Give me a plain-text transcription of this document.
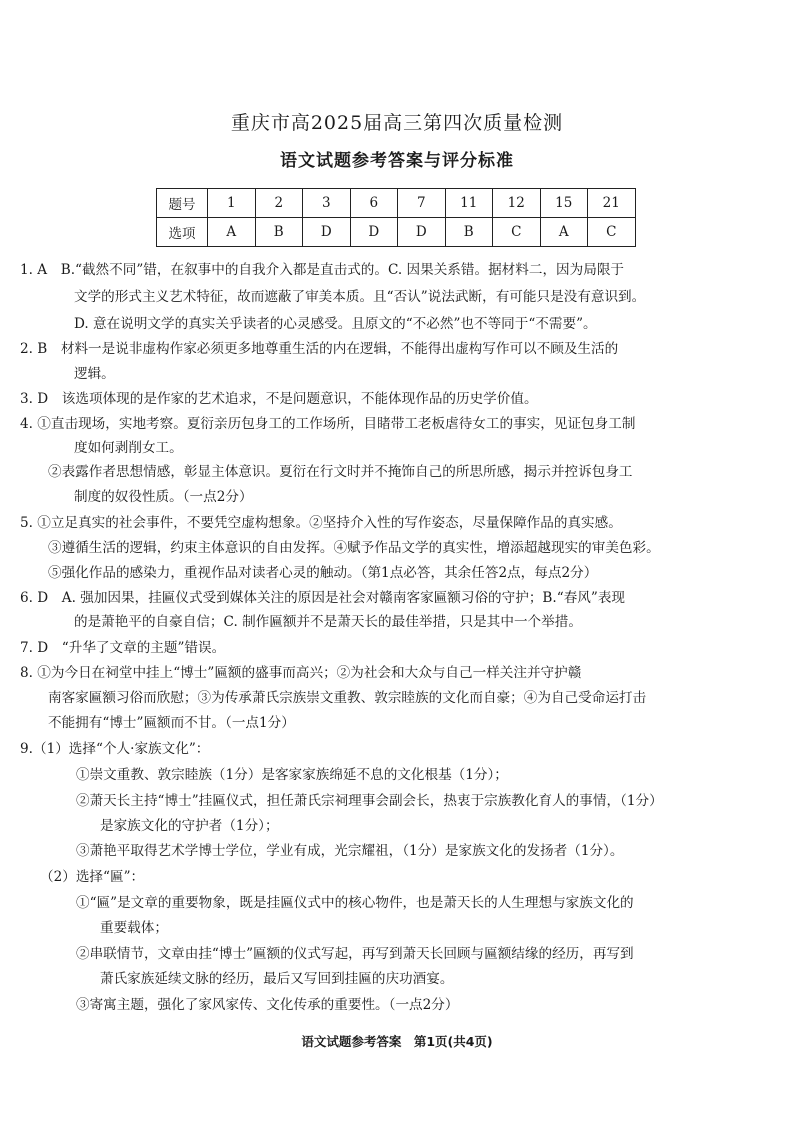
重庆市高2025届高三第四次质量检测
语文试题参考答案与评分标准
题号	1	2	3	6	7	11	12	15	21
选项	A	B	D	D	D	B	C	A	C
1. A　B.“截然不同”错，在叙事中的自我介入都是直击式的。C. 因果关系错。据材料二，因为局限于
文学的形式主义艺术特征，故而遮蔽了审美本质。且“否认”说法武断，有可能只是没有意识到。
D. 意在说明文学的真实关乎读者的心灵感受。且原文的“不必然”也不等同于“不需要”。
2. B　材料一是说非虚构作家必须更多地尊重生活的内在逻辑，不能得出虚构写作可以不顾及生活的
逻辑。
3. D　该选项体现的是作家的艺术追求，不是问题意识，不能体现作品的历史学价值。
4. ①直击现场，实地考察。夏衍亲历包身工的工作场所，目睹带工老板虐待女工的事实，见证包身工制
度如何剥削女工。
②表露作者思想情感，彰显主体意识。夏衍在行文时并不掩饰自己的所思所感，揭示并控诉包身工
制度的奴役性质。（一点2分）
5. ①立足真实的社会事件，不要凭空虚构想象。②坚持介入性的写作姿态，尽量保障作品的真实感。
③遵循生活的逻辑，约束主体意识的自由发挥。④赋予作品文学的真实性，增添超越现实的审美色彩。
⑤强化作品的感染力，重视作品对读者心灵的触动。（第1点必答，其余任答2点，每点2分）
6. D　A. 强加因果，挂匾仪式受到媒体关注的原因是社会对赣南客家匾额习俗的守护；B.“春风”表现
的是萧艳平的自豪自信；C. 制作匾额并不是萧天长的最佳举措，只是其中一个举措。
7. D　“升华了文章的主题”错误。
8. ①为今日在祠堂中挂上“博士”匾额的盛事而高兴；②为社会和大众与自己一样关注并守护赣
南客家匾额习俗而欣慰；③为传承萧氏宗族崇文重教、敦宗睦族的文化而自豪；④为自己受命运打击
不能拥有“博士”匾额而不甘。（一点1分）
9.（1）选择“个人·家族文化”：
①崇文重教、敦宗睦族（1分）是客家家族绵延不息的文化根基（1分）；
②萧天长主持“博士”挂匾仪式，担任萧氏宗祠理事会副会长，热衷于宗族教化育人的事情，（1分）
是家族文化的守护者（1分）；
③萧艳平取得艺术学博士学位，学业有成，光宗耀祖，（1分）是家族文化的发扬者（1分）。
（2）选择“匾”：
①“匾”是文章的重要物象，既是挂匾仪式中的核心物件，也是萧天长的人生理想与家族文化的
重要载体；
②串联情节，文章由挂“博士”匾额的仪式写起，再写到萧天长回顾与匾额结缘的经历，再写到
萧氏家族延续文脉的经历，最后又写回到挂匾的庆功酒宴。
③寄寓主题，强化了家风家传、文化传承的重要性。（一点2分）
语文试题参考答案　第1页(共4页)
